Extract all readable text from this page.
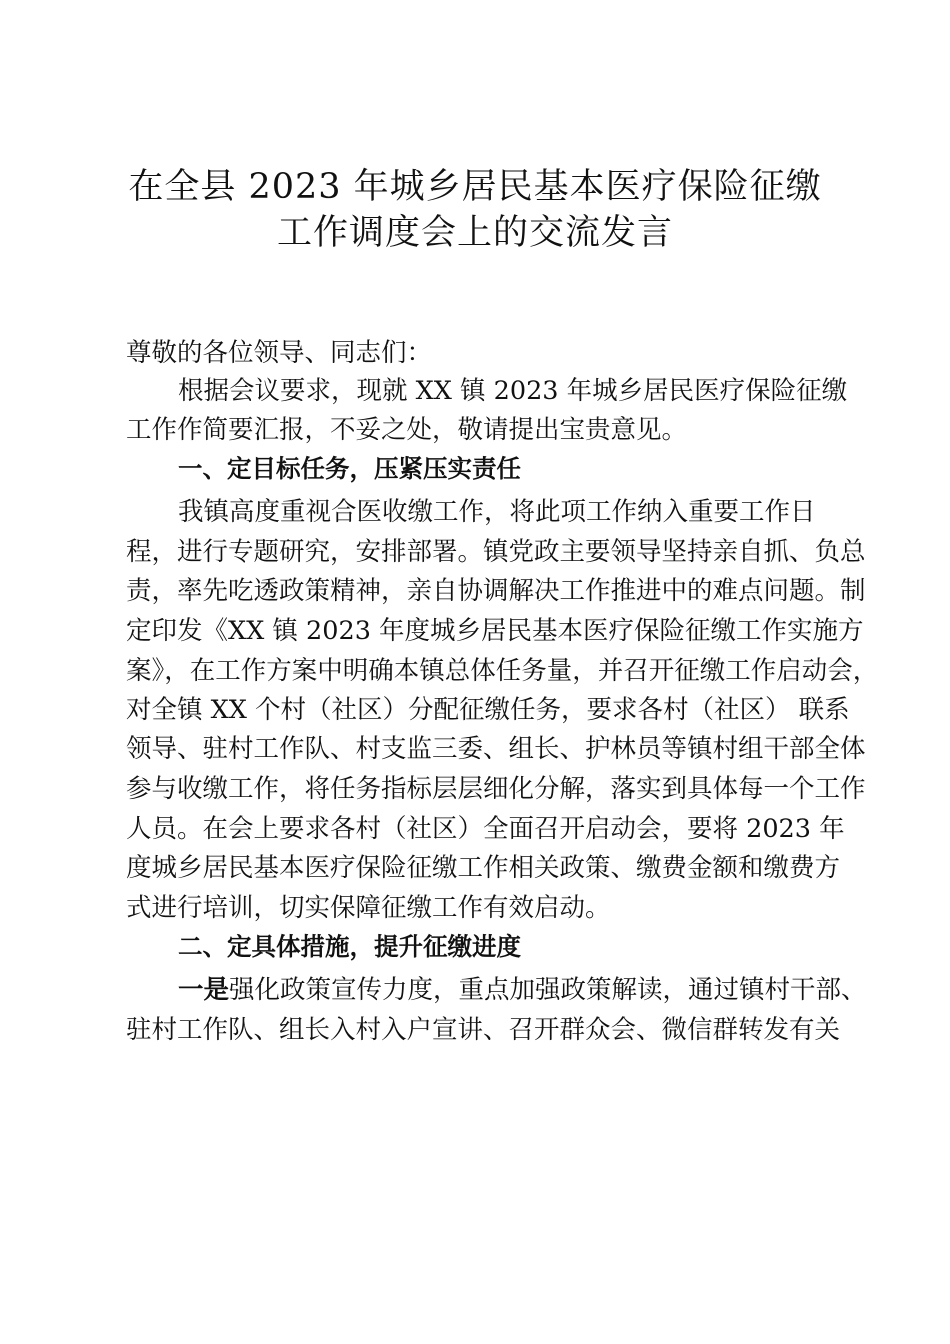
在全县 2023 年城乡居民基本医疗保险征缴
工作调度会上的交流发言
尊敬的各位领导、同志们：
根据会议要求，现就 XX 镇 2023 年城乡居民医疗保险征缴
工作作简要汇报，不妥之处，敬请提出宝贵意见。
一、定目标任务，压紧压实责任
我镇高度重视合医收缴工作，将此项工作纳入重要工作日
程，进行专题研究，安排部署。镇党政主要领导坚持亲自抓、负总
责，率先吃透政策精神，亲自协调解决工作推进中的难点问题。制
定印发《XX 镇 2023 年度城乡居民基本医疗保险征缴工作实施方
案》，在工作方案中明确本镇总体任务量，并召开征缴工作启动会，
对全镇 XX 个村（社区）分配征缴任务，要求各村（社区） 联系
领导、驻村工作队、村支监三委、组长、护林员等镇村组干部全体
参与收缴工作，将任务指标层层细化分解，落实到具体每一个工作
人员。在会上要求各村（社区）全面召开启动会，要将 2023 年
度城乡居民基本医疗保险征缴工作相关政策、缴费金额和缴费方
式进行培训，切实保障征缴工作有效启动。
二、定具体措施，提升征缴进度
一是强化政策宣传力度，重点加强政策解读，通过镇村干部、
驻村工作队、组长入村入户宣讲、召开群众会、微信群转发有关
